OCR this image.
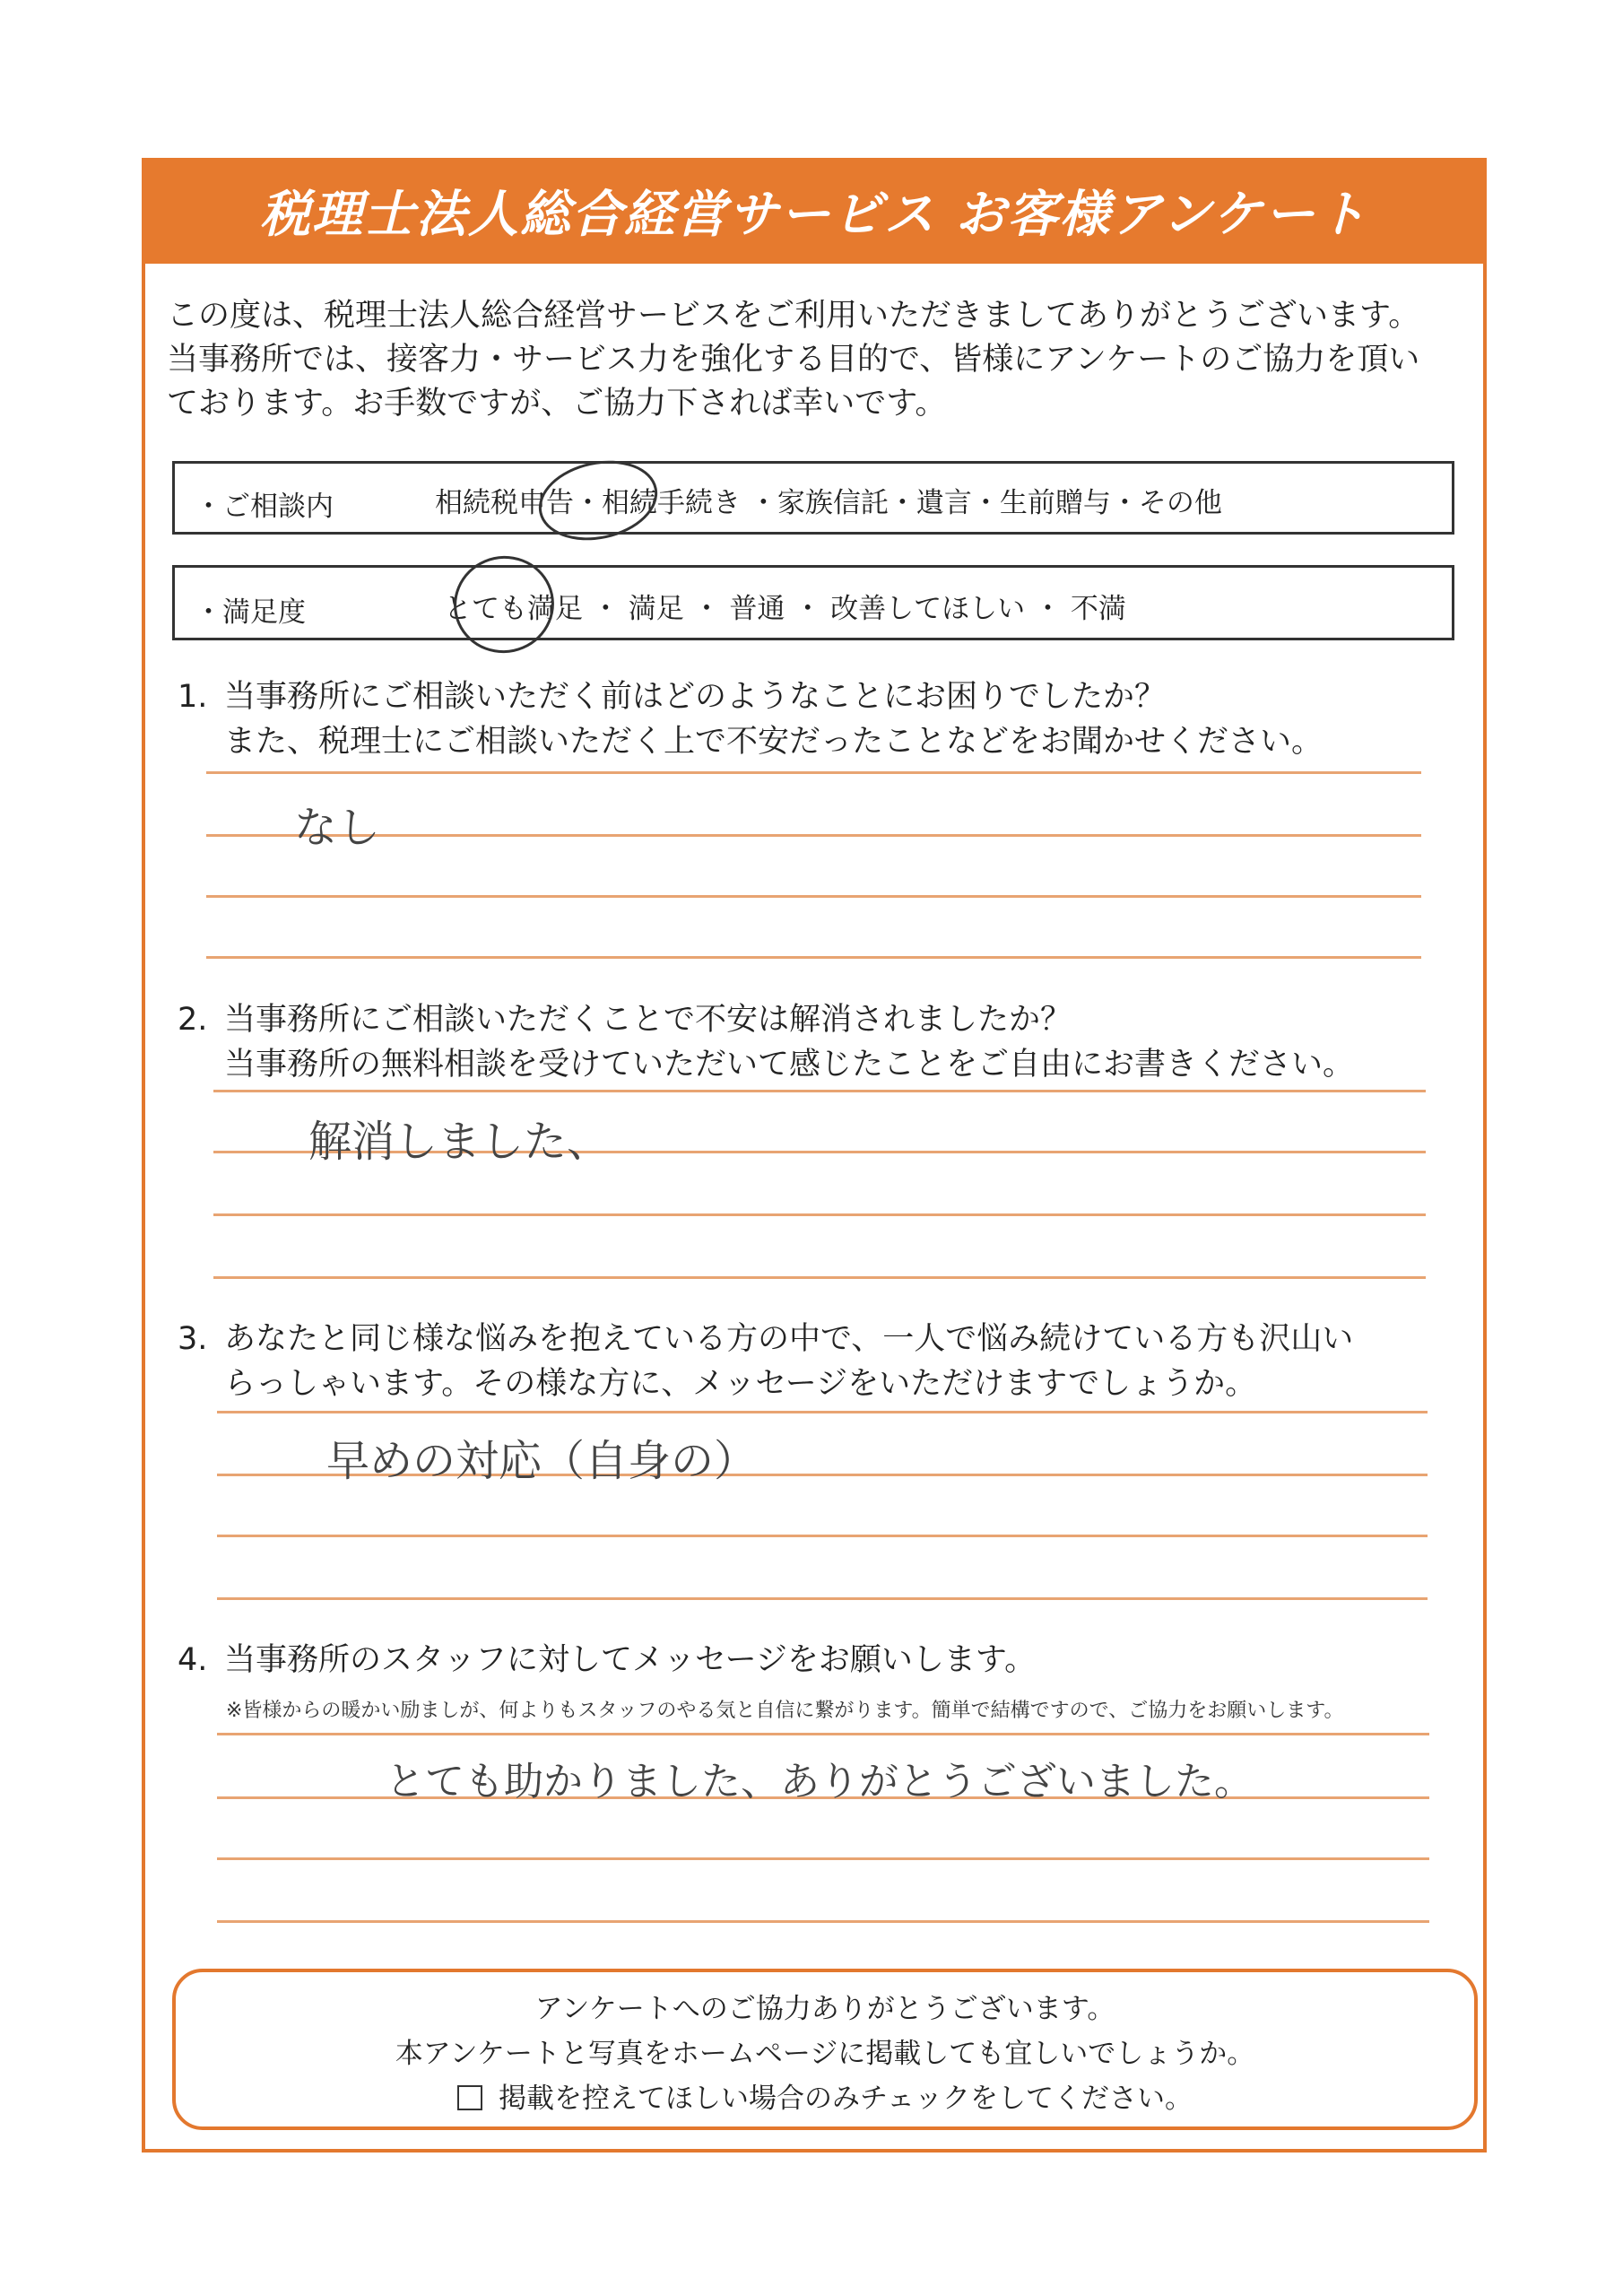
税理士法人総合経営サービス お客様アンケート
この度は、税理士法人総合経営サービスをご利用いただきましてありがとうございます。
当事務所では、接客力・サービス力を強化する目的で、皆様にアンケートのご協力を頂い
ております。お手数ですが、ご協力下されば幸いです。
・ご相談内	相続税申告・相続手続き ・家族信託・遺言・生前贈与・その他
・満足度	とても満足 ・ 満足 ・ 普通 ・ 改善してほしい ・ 不満
1. 当事務所にご相談いただく前はどのようなことにお困りでしたか？
また、税理士にご相談いただく上で不安だったことなどをお聞かせください。
なし
2. 当事務所にご相談いただくことで不安は解消されましたか？
当事務所の無料相談を受けていただいて感じたことをご自由にお書きください。
解消しました、
3. あなたと同じ様な悩みを抱えている方の中で、一人で悩み続けている方も沢山い
らっしゃいます。その様な方に、メッセージをいただけますでしょうか。
早めの対応（自身の）
4. 当事務所のスタッフに対してメッセージをお願いします。
※皆様からの暖かい励ましが、何よりもスタッフのやる気と自信に繋がります。簡単で結構ですので、ご協力をお願いします。
とても助かりました、ありがとうございました。
アンケートへのご協力ありがとうございます。
本アンケートと写真をホームページに掲載しても宜しいでしょうか。
掲載を控えてほしい場合のみチェックをしてください。
